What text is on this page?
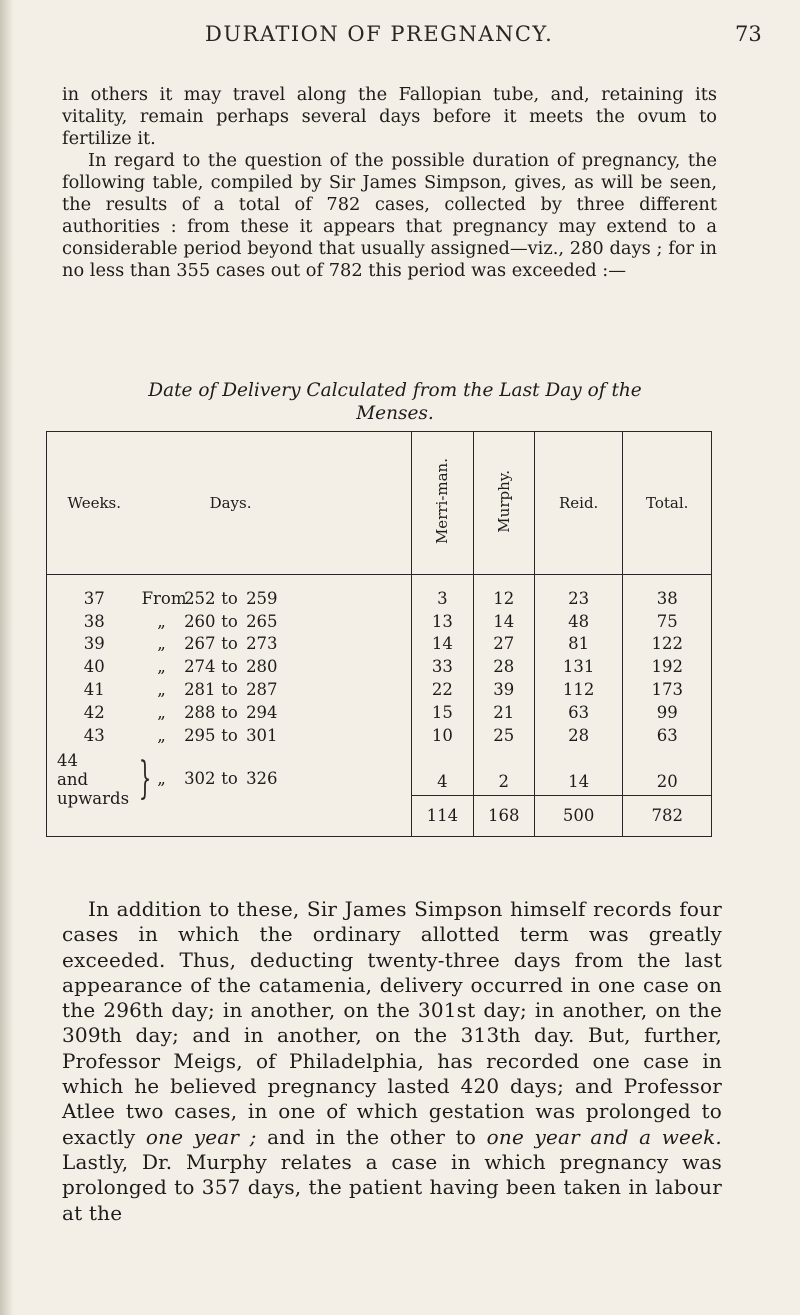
DURATION OF PREGNANCY.	73

in others it may travel along the Fallopian tube, and, retaining its vitality, remain perhaps several days before it meets the ovum to fertilize it.

In regard to the question of the possible duration of pregnancy, the following table, compiled by Sir James Simpson, gives, as will be seen, the results of a total of 782 cases, collected by three different authorities : from these it appears that pregnancy may extend to a considerable period beyond that usually assigned—viz., 280 days ; for in no less than 355 cases out of 782 this period was exceeded :—

Date of Delivery Calculated from the Last Day of the
Menses.
Weeks.	Days.	Merri-man.	Murphy.	Reid.	Total.
37	From252 to 259	3	12	23	38
38	„ 260 to 265	13	14	48	75
39	„ 267 to 273	14	27	81	122
40	„ 274 to 280	33	28	131	192
41	„ 281 to 287	22	39	112	173
42	„ 288 to 294	15	21	63	99
43	„ 295 to 301	10	25	28	63

44
and
upwards }	„ 302 to 326	4	2	14	20
		114	168	500	782

In addition to these, Sir James Simpson himself records four cases in which the ordinary allotted term was greatly exceeded. Thus, deducting twenty-three days from the last appearance of the catamenia, delivery occurred in one case on the 296th day; in another, on the 301st day; in another, on the 309th day; and in another, on the 313th day. But, further, Professor Meigs, of Philadelphia, has recorded one case in which he believed pregnancy lasted 420 days; and Professor Atlee two cases, in one of which gestation was prolonged to exactly one year ; and in the other to one year and a week. Lastly, Dr. Murphy relates a case in which pregnancy was prolonged to 357 days, the patient having been taken in labour at the
